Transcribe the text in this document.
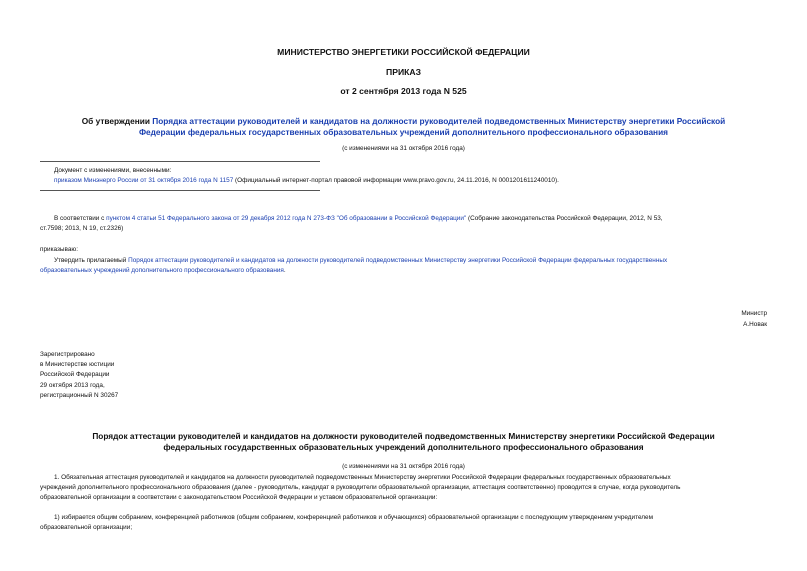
МИНИСТЕРСТВО ЭНЕРГЕТИКИ РОССИЙСКОЙ ФЕДЕРАЦИИ
ПРИКАЗ
от 2 сентября 2013 года N 525
Об утверждении Порядка аттестации руководителей и кандидатов на должности руководителей подведомственных Министерству энергетики Российской
Федерации федеральных государственных образовательных учреждений дополнительного профессионального образования
(с изменениями на 31 октября 2016 года)
Документ с изменениями, внесенными:
приказом Минэнерго России от 31 октября 2016 года N 1157 (Официальный интернет-портал правовой информации www.pravo.gov.ru, 24.11.2016, N 0001201611240010).
В соответствии с пунктом 4 статьи 51 Федерального закона от 29 декабря 2012 года N 273-ФЗ "Об образовании в Российской Федерации" (Собрание законодательства Российской Федерации, 2012, N 53,
ст.7598; 2013, N 19, ст.2326)
приказываю:
Утвердить прилагаемый Порядок аттестации руководителей и кандидатов на должности руководителей подведомственных Министерству энергетики Российской Федерации федеральных государственных
образовательных учреждений дополнительного профессионального образования.
Министр
А.Новак
Зарегистрировано
в Министерстве юстиции
Российской Федерации
29 октября 2013 года,
регистрационный N 30267
Порядок аттестации руководителей и кандидатов на должности руководителей подведомственных Министерству энергетики Российской Федерации
федеральных государственных образовательных учреждений дополнительного профессионального образования
(с изменениями на 31 октября 2016 года)
1. Обязательная аттестация руководителей и кандидатов на должности руководителей подведомственных Министерству энергетики Российской Федерации федеральных государственных образовательных
учреждений дополнительного профессионального образования (далее - руководитель, кандидат в руководители образовательной организации, аттестация соответственно) проводится в случае, когда руководитель
образовательной организации в соответствии с законодательством Российской Федерации и уставом образовательной организации:
1) избирается общим собранием, конференцией работников (общим собранием, конференцией работников и обучающихся) образовательной организации с последующим утверждением учредителем
образовательной организации;
